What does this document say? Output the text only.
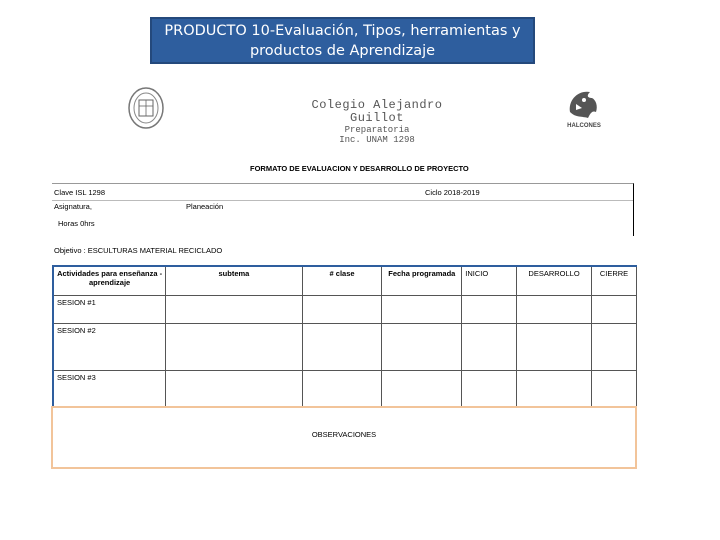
PRODUCTO 10-Evaluación, Tipos, herramientas y
productos de Aprendizaje
Colegio Alejandro Guillot
Preparatoria
Inc. UNAM 1298
HALCONES
FORMATO DE EVALUACION Y DESARROLLO DE PROYECTO
Clave ISL 1298	Ciclo 2018-2019
Asignatura,	Planeación
Horas 0hrs
Objetivo : ESCULTURAS MATERIAL RECICLADO
Actividades para enseñanza -aprendizaje	subtema	# clase	Fecha programada	INICIO	DESARROLLO	CIERRE
SESION #1						
SESION #2						
SESION #3						
OBSERVACIONES
